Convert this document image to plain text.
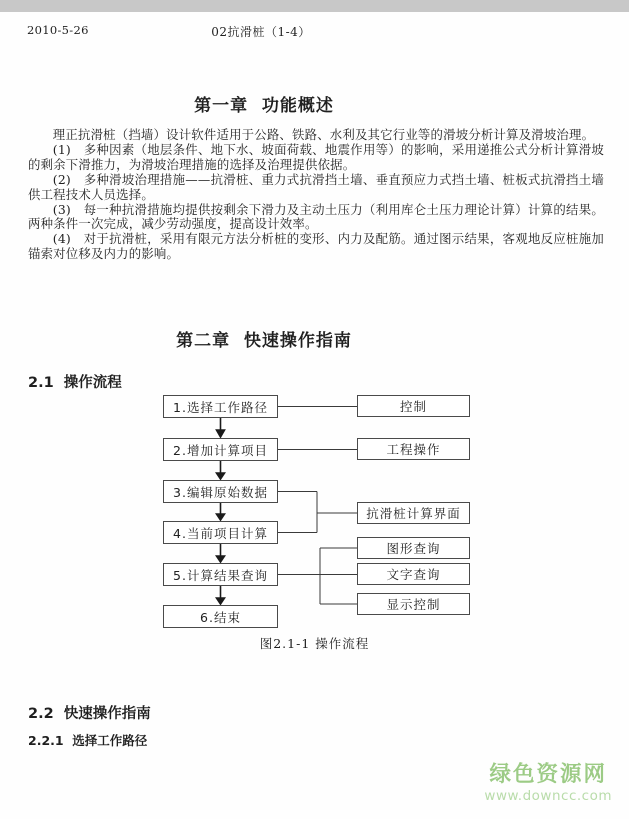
2010-5-26	02抗滑桩（1-4）
第一章  功能概述

理正抗滑桩（挡墙）设计软件适用于公路、铁路、水利及其它行业等的滑坡分析计算及滑坡治理。

(1)　多种因素（地层条件、地下水、坡面荷载、地震作用等）的影响，采用递推公式分析计算滑坡的剩余下滑推力，为滑坡治理措施的选择及治理提供依据。

(2)　多种滑坡治理措施——抗滑桩、重力式抗滑挡土墙、垂直预应力式挡土墙、桩板式抗滑挡土墙供工程技术人员选择。

(3)　每一种抗滑措施均提供按剩余下滑力及主动土压力（利用库仑土压力理论计算）计算的结果。两种条件一次完成，减少劳动强度，提高设计效率。

(4)　对于抗滑桩，采用有限元方法分析桩的变形、内力及配筋。通过图示结果，客观地反应桩施加锚索对位移及内力的影响。

第二章  快速操作指南
2.1  操作流程
1.选择工作路径
2.增加计算项目
3.编辑原始数据
4.当前项目计算
5.计算结果查询
6.结束
控制
工程操作
抗滑桩计算界面
图形查询
文字查询
显示控制
图2.1-1 操作流程
2.2  快速操作指南
2.2.1  选择工作路径
绿色资源网
www.downcc.com
